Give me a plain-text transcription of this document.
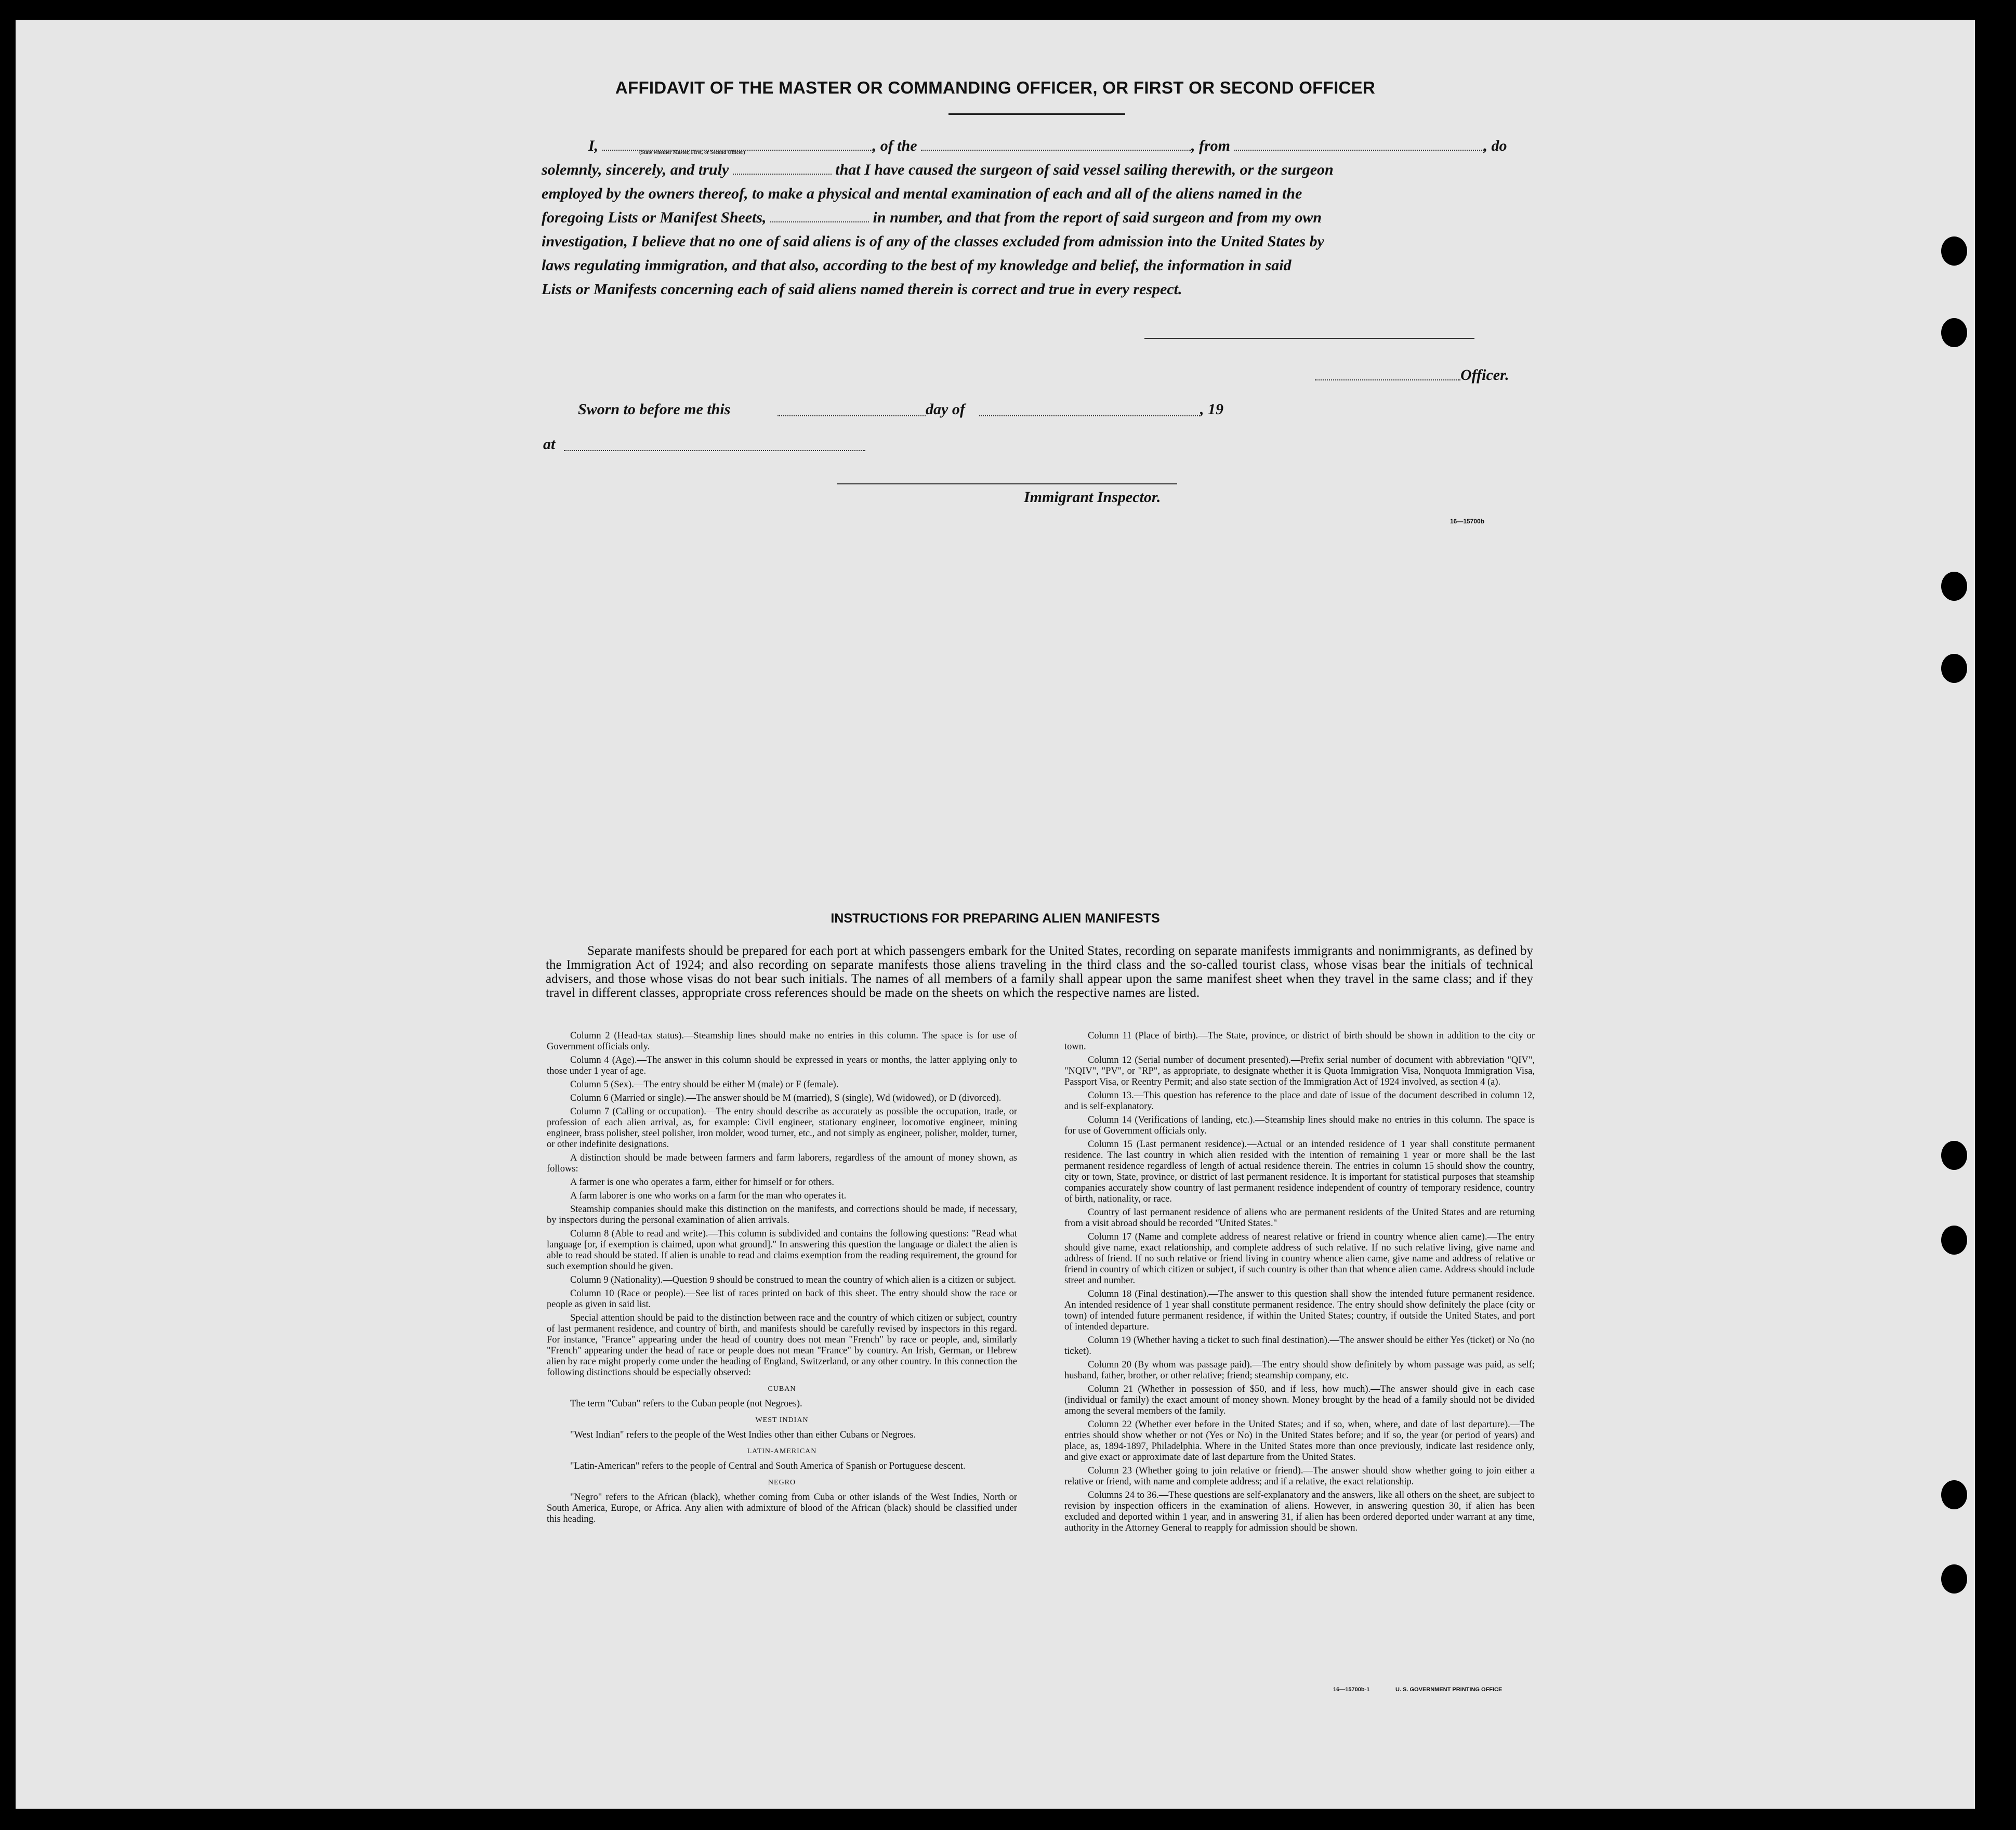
AFFIDAVIT OF THE MASTER OR COMMANDING OFFICER, OR FIRST OR SECOND OFFICER
(State whether Master, First, or Second Officer)

I,	, of the	, from	, do

solemnly, sincerely, and truly	that I have caused the surgeon of said vessel sailing therewith, or the surgeon

employed by the owners thereof, to make a physical and mental examination of each and all of the aliens named in the

foregoing Lists or Manifest Sheets,	in number, and that from the report of said surgeon and from my own

investigation, I believe that no one of said aliens is of any of the classes excluded from admission into the United States by

laws regulating immigration, and that also, according to the best of my knowledge and belief, the information in said

Lists or Manifests concerning each of said aliens named therein is correct and true in every respect.

Officer.
Sworn to before me this	day of	, 19
at
Immigrant Inspector.
16—15700b
INSTRUCTIONS FOR PREPARING ALIEN MANIFESTS

Separate manifests should be prepared for each port at which passengers embark for the United States, recording on separate manifests immigrants and nonimmigrants, as defined by the Immigration Act of 1924; and also recording on separate manifests those aliens traveling in the third class and the so-called tourist class, whose visas bear the initials of technical advisers, and those whose visas do not bear such initials. The names of all members of a family shall appear upon the same manifest sheet when they travel in the same class; and if they travel in different classes, appropriate cross references should be made on the sheets on which the respective names are listed.

Column 2 (Head-tax status).—Steamship lines should make no entries in this column. The space is for use of Government officials only.

Column 4 (Age).—The answer in this column should be expressed in years or months, the latter applying only to those under 1 year of age.

Column 5 (Sex).—The entry should be either M (male) or F (female).

Column 6 (Married or single).—The answer should be M (married), S (single), Wd (widowed), or D (divorced).

Column 7 (Calling or occupation).—The entry should describe as accurately as possible the occupation, trade, or profession of each alien arrival, as, for example: Civil engineer, stationary engineer, locomotive engineer, mining engineer, brass polisher, steel polisher, iron molder, wood turner, etc., and not simply as engineer, polisher, molder, turner, or other indefinite designations.

A distinction should be made between farmers and farm laborers, regardless of the amount of money shown, as follows:

A farmer is one who operates a farm, either for himself or for others.

A farm laborer is one who works on a farm for the man who operates it.

Steamship companies should make this distinction on the manifests, and corrections should be made, if necessary, by inspectors during the personal examination of alien arrivals.

Column 8 (Able to read and write).—This column is subdivided and contains the following questions: "Read what language [or, if exemption is claimed, upon what ground]." In answering this question the language or dialect the alien is able to read should be stated. If alien is unable to read and claims exemption from the reading requirement, the ground for such exemption should be given.

Column 9 (Nationality).—Question 9 should be construed to mean the country of which alien is a citizen or subject.

Column 10 (Race or people).—See list of races printed on back of this sheet. The entry should show the race or people as given in said list.

Special attention should be paid to the distinction between race and the country of which citizen or subject, country of last permanent residence, and country of birth, and manifests should be carefully revised by inspectors in this regard. For instance, "France" appearing under the head of country does not mean "French" by race or people, and, similarly "French" appearing under the head of race or people does not mean "France" by country. An Irish, German, or Hebrew alien by race might properly come under the heading of England, Switzerland, or any other country. In this connection the following distinctions should be especially observed:

CUBAN

The term "Cuban" refers to the Cuban people (not Negroes).

WEST INDIAN

"West Indian" refers to the people of the West Indies other than either Cubans or Negroes.

LATIN-AMERICAN

"Latin-American" refers to the people of Central and South America of Spanish or Portuguese descent.

NEGRO

"Negro" refers to the African (black), whether coming from Cuba or other islands of the West Indies, North or South America, Europe, or Africa. Any alien with admixture of blood of the African (black) should be classified under this heading.

Column 11 (Place of birth).—The State, province, or district of birth should be shown in addition to the city or town.

Column 12 (Serial number of document presented).—Prefix serial number of document with abbreviation "QIV", "NQIV", "PV", or "RP", as appropriate, to designate whether it is Quota Immigration Visa, Nonquota Immigration Visa, Passport Visa, or Reentry Permit; and also state section of the Immigration Act of 1924 involved, as section 4 (a).

Column 13.—This question has reference to the place and date of issue of the document described in column 12, and is self-explanatory.

Column 14 (Verifications of landing, etc.).—Steamship lines should make no entries in this column. The space is for use of Government officials only.

Column 15 (Last permanent residence).—Actual or an intended residence of 1 year shall constitute permanent residence. The last country in which alien resided with the intention of remaining 1 year or more shall be the last permanent residence regardless of length of actual residence therein. The entries in column 15 should show the country, city or town, State, province, or district of last permanent residence. It is important for statistical purposes that steamship companies accurately show country of last permanent residence independent of country of temporary residence, country of birth, nationality, or race.

Country of last permanent residence of aliens who are permanent residents of the United States and are returning from a visit abroad should be recorded "United States."

Column 17 (Name and complete address of nearest relative or friend in country whence alien came).—The entry should give name, exact relationship, and complete address of such relative. If no such relative living, give name and address of friend. If no such relative or friend living in country whence alien came, give name and address of relative or friend in country of which citizen or subject, if such country is other than that whence alien came. Address should include street and number.

Column 18 (Final destination).—The answer to this question shall show the intended future permanent residence. An intended residence of 1 year shall constitute permanent residence. The entry should show definitely the place (city or town) of intended future permanent residence, if within the United States; country, if outside the United States, and port of intended departure.

Column 19 (Whether having a ticket to such final destination).—The answer should be either Yes (ticket) or No (no ticket).

Column 20 (By whom was passage paid).—The entry should show definitely by whom passage was paid, as self; husband, father, brother, or other relative; friend; steamship company, etc.

Column 21 (Whether in possession of $50, and if less, how much).—The answer should give in each case (individual or family) the exact amount of money shown. Money brought by the head of a family should not be divided among the several members of the family.

Column 22 (Whether ever before in the United States; and if so, when, where, and date of last departure).—The entries should show whether or not (Yes or No) in the United States before; and if so, the year (or period of years) and place, as, 1894-1897, Philadelphia. Where in the United States more than once previously, indicate last residence only, and give exact or approximate date of last departure from the United States.

Column 23 (Whether going to join relative or friend).—The answer should show whether going to join either a relative or friend, with name and complete address; and if a relative, the exact relationship.

Columns 24 to 36.—These questions are self-explanatory and the answers, like all others on the sheet, are subject to revision by inspection officers in the examination of aliens. However, in answering question 30, if alien has been excluded and deported within 1 year, and in answering 31, if alien has been ordered deported under warrant at any time, authority in the Attorney General to reapply for admission should be shown.

16—15700b-1	U. S. GOVERNMENT PRINTING OFFICE
